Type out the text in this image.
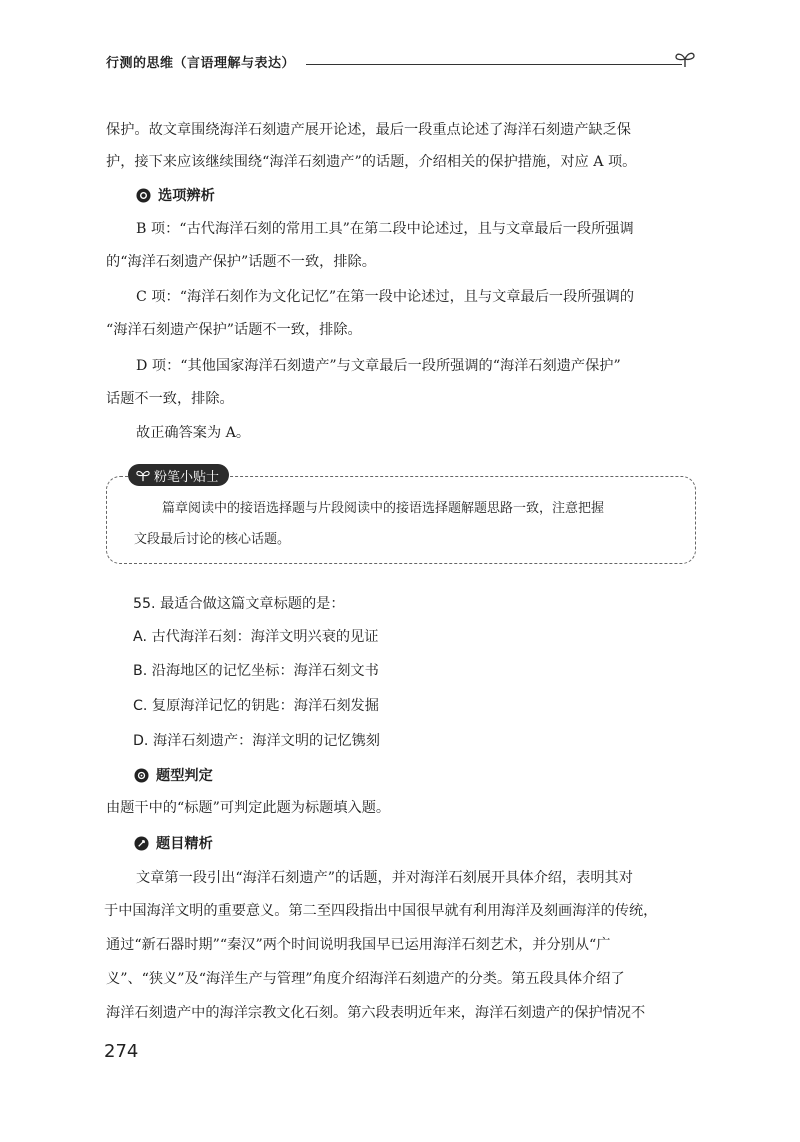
行测的思维（言语理解与表达）
保护。故文章围绕海洋石刻遗产展开论述，最后一段重点论述了海洋石刻遗产缺乏保
护，接下来应该继续围绕“海洋石刻遗产”的话题，介绍相关的保护措施，对应 A 项。
选项辨析
B 项：“古代海洋石刻的常用工具”在第二段中论述过，且与文章最后一段所强调
的“海洋石刻遗产保护”话题不一致，排除。
C 项：“海洋石刻作为文化记忆”在第一段中论述过，且与文章最后一段所强调的
“海洋石刻遗产保护”话题不一致，排除。
D 项：“其他国家海洋石刻遗产”与文章最后一段所强调的“海洋石刻遗产保护”
话题不一致，排除。
故正确答案为 A。
粉笔小贴士
篇章阅读中的接语选择题与片段阅读中的接语选择题解题思路一致，注意把握
文段最后讨论的核心话题。
55. 最适合做这篇文章标题的是：
A. 古代海洋石刻：海洋文明兴衰的见证
B. 沿海地区的记忆坐标：海洋石刻文书
C. 复原海洋记忆的钥匙：海洋石刻发掘
D. 海洋石刻遗产：海洋文明的记忆镌刻
题型判定
由题干中的“标题”可判定此题为标题填入题。
题目精析
文章第一段引出“海洋石刻遗产”的话题，并对海洋石刻展开具体介绍，表明其对
于中国海洋文明的重要意义。第二至四段指出中国很早就有利用海洋及刻画海洋的传统，
通过“新石器时期”“秦汉”两个时间说明我国早已运用海洋石刻艺术，并分别从“广
义”、“狭义”及“海洋生产与管理”角度介绍海洋石刻遗产的分类。第五段具体介绍了
海洋石刻遗产中的海洋宗教文化石刻。第六段表明近年来，海洋石刻遗产的保护情况不
274
